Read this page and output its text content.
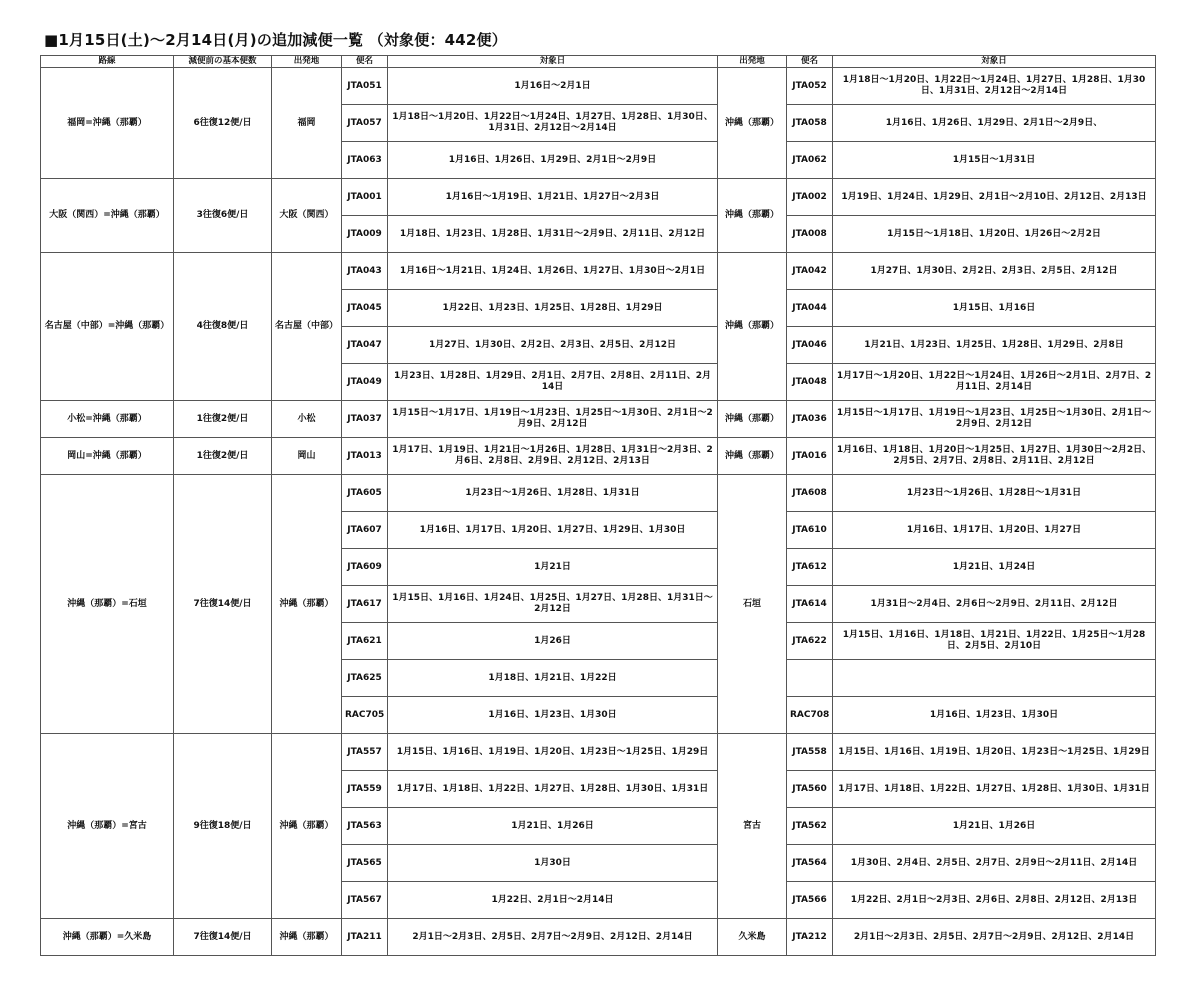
■1月15日(土)～2月14日(月)の追加減便一覧 （対象便：442便）
路線	減便前の基本便数	出発地	便名	対象日	出発地	便名	対象日
福岡=沖縄（那覇）	6往復12便/日	福岡	JTA051	1月16日～2月1日	沖縄（那覇）	JTA052	1月18日～1月20日、1月22日～1月24日、1月27日、1月28日、1月30日、1月31日、2月12日～2月14日
			JTA057	1月18日～1月20日、1月22日～1月24日、1月27日、1月28日、1月30日、1月31日、2月12日～2月14日		JTA058	1月16日、1月26日、1月29日、2月1日～2月9日、
			JTA063	1月16日、1月26日、1月29日、2月1日～2月9日		JTA062	1月15日～1月31日
大阪（関西）=沖縄（那覇）	3往復6便/日	大阪（関西）	JTA001	1月16日～1月19日、1月21日、1月27日～2月3日	沖縄（那覇）	JTA002	1月19日、1月24日、1月29日、2月1日～2月10日、2月12日、2月13日
			JTA009	1月18日、1月23日、1月28日、1月31日～2月9日、2月11日、2月12日		JTA008	1月15日～1月18日、1月20日、1月26日～2月2日
名古屋（中部）=沖縄（那覇）	4往復8便/日	名古屋（中部）	JTA043	1月16日～1月21日、1月24日、1月26日、1月27日、1月30日～2月1日	沖縄（那覇）	JTA042	1月27日、1月30日、2月2日、2月3日、2月5日、2月12日
			JTA045	1月22日、1月23日、1月25日、1月28日、1月29日		JTA044	1月15日、1月16日
			JTA047	1月27日、1月30日、2月2日、2月3日、2月5日、2月12日		JTA046	1月21日、1月23日、1月25日、1月28日、1月29日、2月8日
			JTA049	1月23日、1月28日、1月29日、2月1日、2月7日、2月8日、2月11日、2月14日		JTA048	1月17日～1月20日、1月22日～1月24日、1月26日～2月1日、2月7日、2月11日、2月14日
小松=沖縄（那覇）	1往復2便/日	小松	JTA037	1月15日～1月17日、1月19日～1月23日、1月25日～1月30日、2月1日～2月9日、2月12日	沖縄（那覇）	JTA036	1月15日～1月17日、1月19日～1月23日、1月25日～1月30日、2月1日～2月9日、2月12日
岡山=沖縄（那覇）	1往復2便/日	岡山	JTA013	1月17日、1月19日、1月21日～1月26日、1月28日、1月31日～2月3日、2月6日、2月8日、2月9日、2月12日、2月13日	沖縄（那覇）	JTA016	1月16日、1月18日、1月20日～1月25日、1月27日、1月30日～2月2日、2月5日、2月7日、2月8日、2月11日、2月12日
沖縄（那覇）=石垣	7往復14便/日	沖縄（那覇）	JTA605	1月23日～1月26日、1月28日、1月31日	石垣	JTA608	1月23日～1月26日、1月28日～1月31日
			JTA607	1月16日、1月17日、1月20日、1月27日、1月29日、1月30日		JTA610	1月16日、1月17日、1月20日、1月27日
			JTA609	1月21日		JTA612	1月21日、1月24日
			JTA617	1月15日、1月16日、1月24日、1月25日、1月27日、1月28日、1月31日～2月12日		JTA614	1月31日～2月4日、2月6日～2月9日、2月11日、2月12日
			JTA621	1月26日		JTA622	1月15日、1月16日、1月18日、1月21日、1月22日、1月25日～1月28日、2月5日、2月10日
			JTA625	1月18日、1月21日、1月22日			
			RAC705	1月16日、1月23日、1月30日		RAC708	1月16日、1月23日、1月30日
沖縄（那覇）=宮古	9往復18便/日	沖縄（那覇）	JTA557	1月15日、1月16日、1月19日、1月20日、1月23日～1月25日、1月29日	宮古	JTA558	1月15日、1月16日、1月19日、1月20日、1月23日～1月25日、1月29日
			JTA559	1月17日、1月18日、1月22日、1月27日、1月28日、1月30日、1月31日		JTA560	1月17日、1月18日、1月22日、1月27日、1月28日、1月30日、1月31日
			JTA563	1月21日、1月26日		JTA562	1月21日、1月26日
			JTA565	1月30日		JTA564	1月30日、2月4日、2月5日、2月7日、2月9日～2月11日、2月14日
			JTA567	1月22日、2月1日～2月14日		JTA566	1月22日、2月1日～2月3日、2月6日、2月8日、2月12日、2月13日
沖縄（那覇）=久米島	7往復14便/日	沖縄（那覇）	JTA211	2月1日～2月3日、2月5日、2月7日～2月9日、2月12日、2月14日	久米島	JTA212	2月1日～2月3日、2月5日、2月7日～2月9日、2月12日、2月14日
